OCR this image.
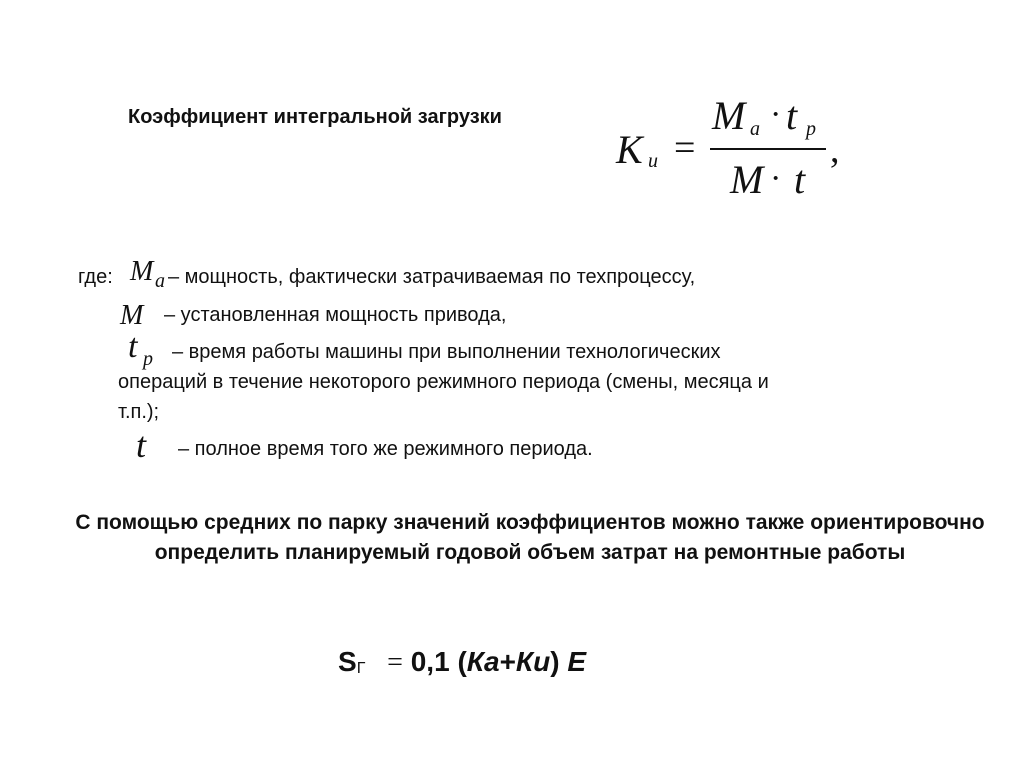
Коэффициент интегральной загрузки
K и =
M a · t p
M · t
,
где: M a – мощность, фактически затрачиваемая по техпроцессу,
M – установленная мощность привода,
t p – время работы машины при выполнении технологических
операций в течение некоторого режимного периода (смены, месяца и
т.п.);
t – полное время того же режимного периода.
С помощью средних по парку значений коэффициентов можно также ориентировочно определить планируемый годовой объем затрат на ремонтные работы
SГ = 0,1 (Ка+Ки) E
